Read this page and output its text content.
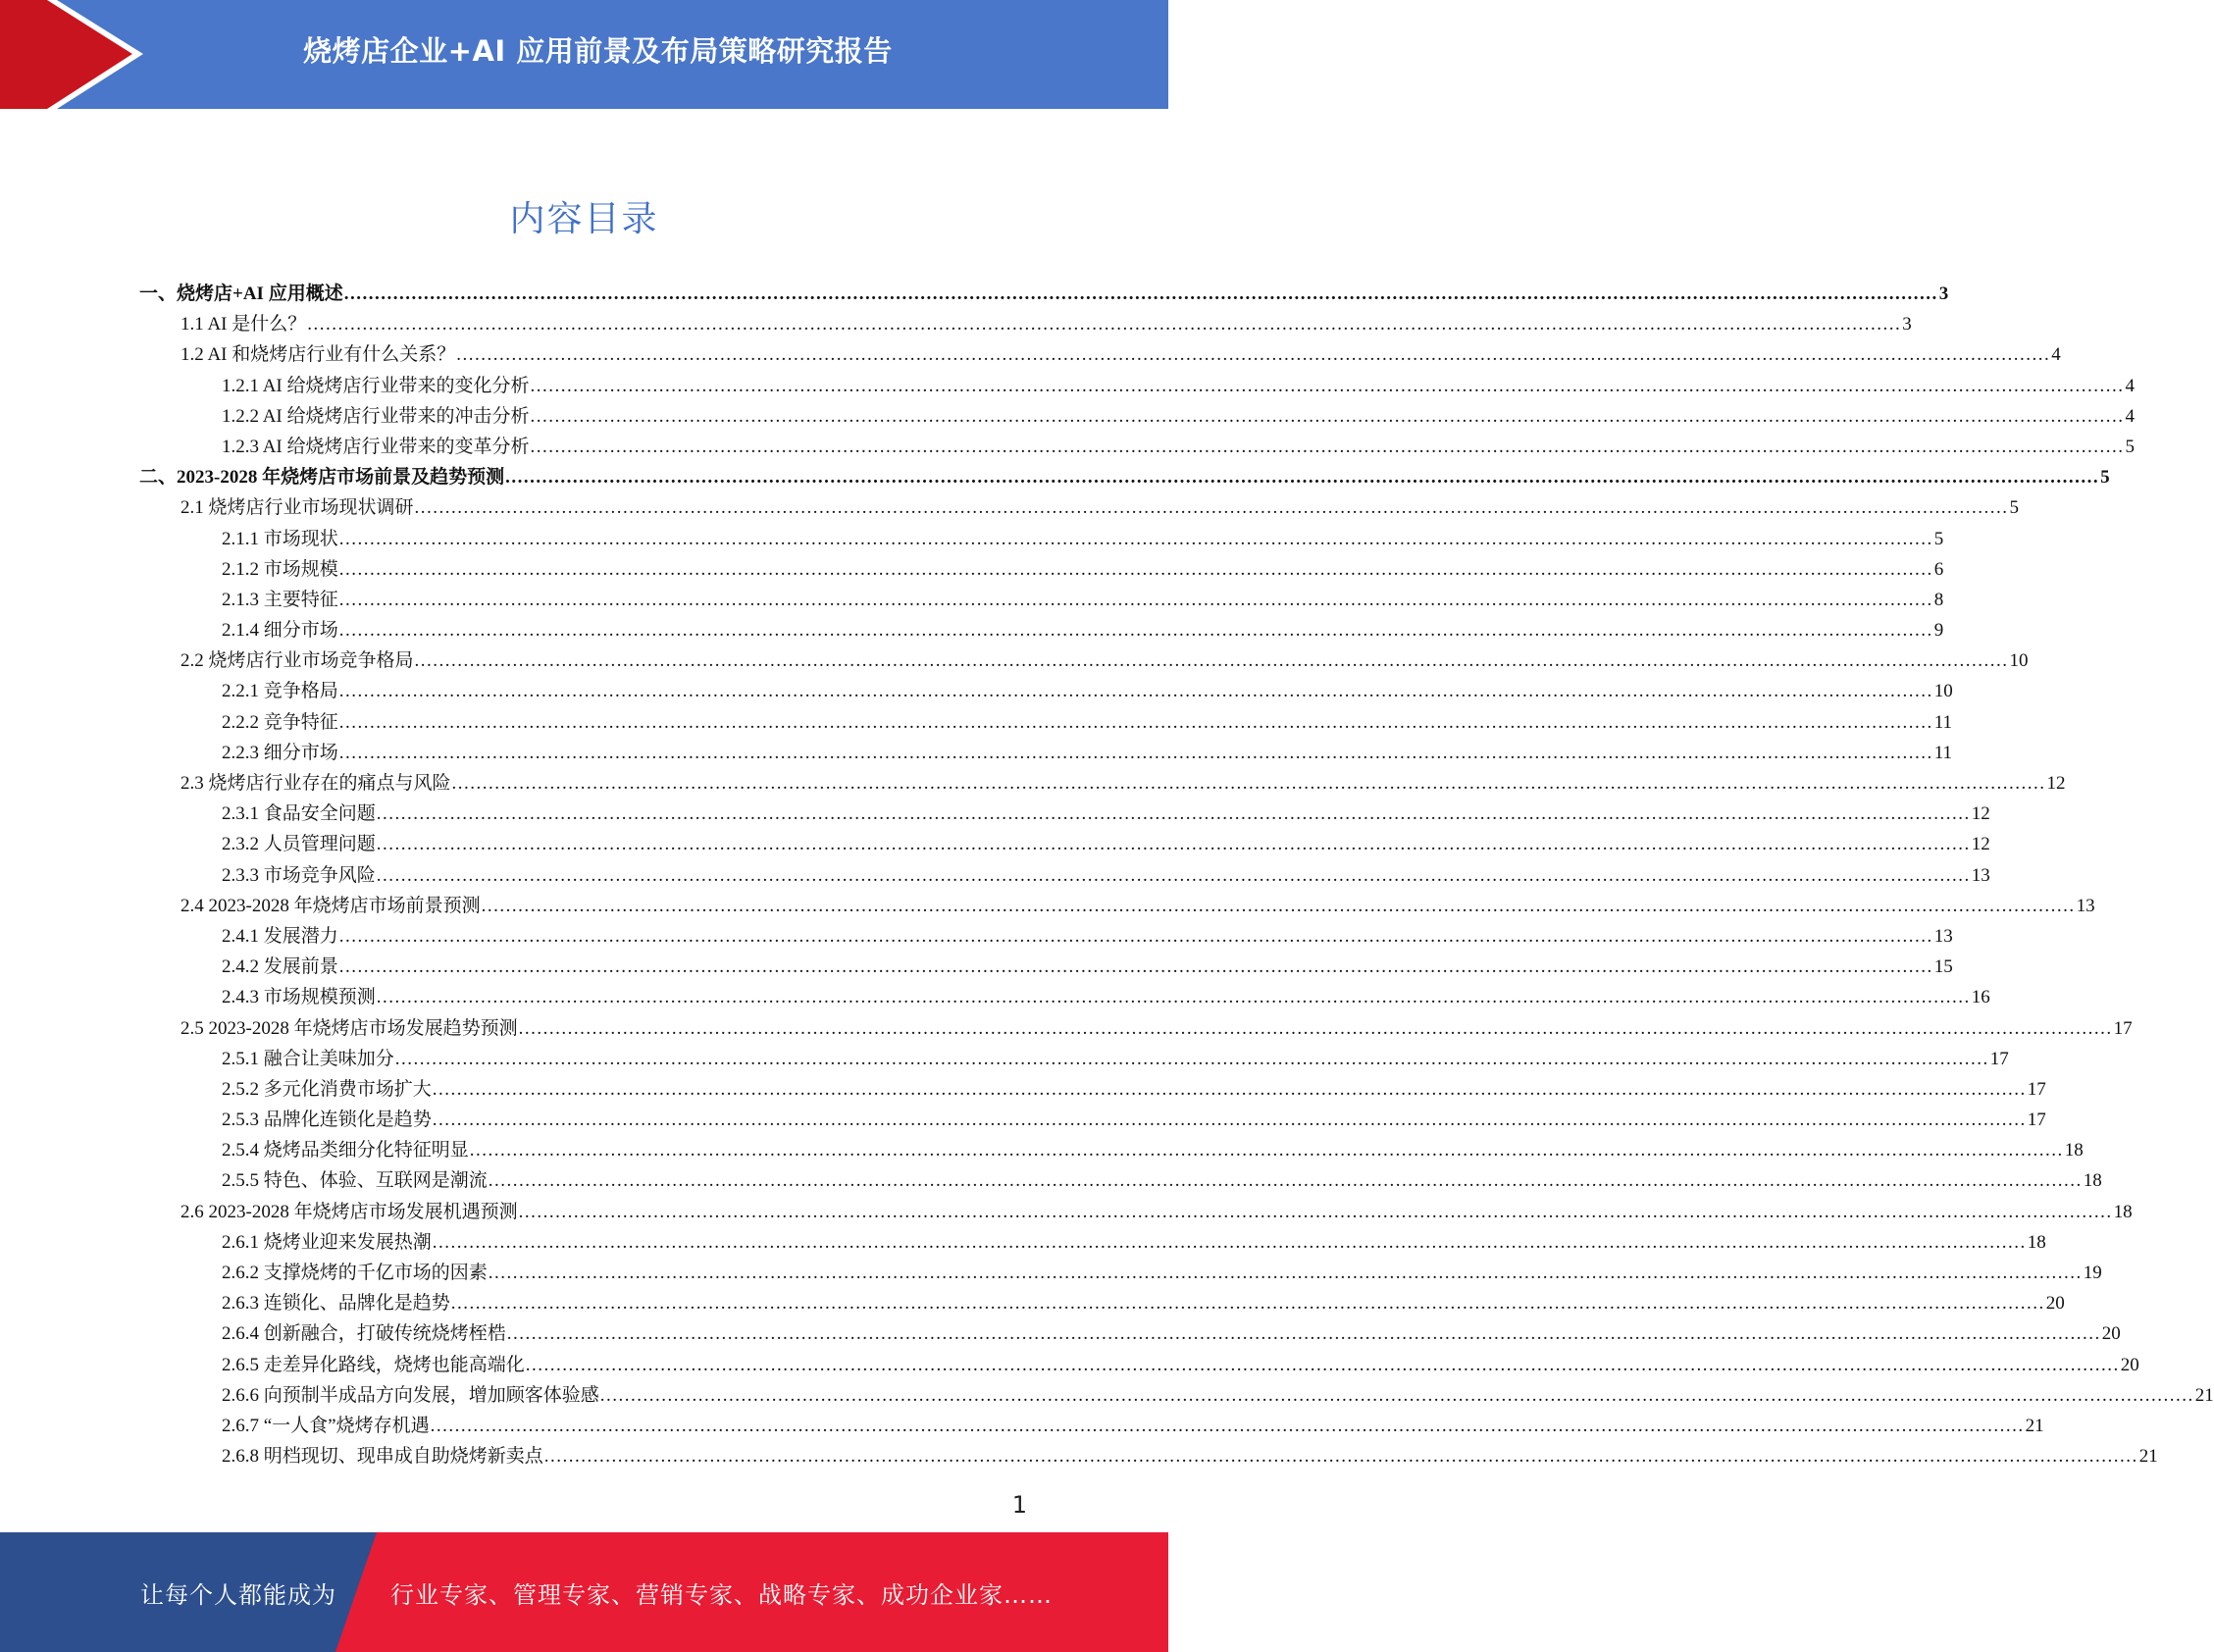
烧烤店企业+AI 应用前景及布局策略研究报告
内容目录
一、烧烤店+AI 应用概述 .................................................................................................................................................................................................................................................................... 3
1.1 AI 是什么？ .................................................................................................................................................................................................................................................................... 3
1.2 AI 和烧烤店行业有什么关系？ .................................................................................................................................................................................................................................................................... 4
1.2.1 AI 给烧烤店行业带来的变化分析 .................................................................................................................................................................................................................................................................... 4
1.2.2 AI 给烧烤店行业带来的冲击分析 .................................................................................................................................................................................................................................................................... 4
1.2.3 AI 给烧烤店行业带来的变革分析 .................................................................................................................................................................................................................................................................... 5
二、2023-2028 年烧烤店市场前景及趋势预测 .................................................................................................................................................................................................................................................................... 5
2.1 烧烤店行业市场现状调研 .................................................................................................................................................................................................................................................................... 5
2.1.1 市场现状 .................................................................................................................................................................................................................................................................... 5
2.1.2 市场规模 .................................................................................................................................................................................................................................................................... 6
2.1.3 主要特征 .................................................................................................................................................................................................................................................................... 8
2.1.4 细分市场 .................................................................................................................................................................................................................................................................... 9
2.2 烧烤店行业市场竞争格局 .................................................................................................................................................................................................................................................................... 10
2.2.1 竞争格局 .................................................................................................................................................................................................................................................................... 10
2.2.2 竞争特征 .................................................................................................................................................................................................................................................................... 11
2.2.3 细分市场 .................................................................................................................................................................................................................................................................... 11
2.3 烧烤店行业存在的痛点与风险 .................................................................................................................................................................................................................................................................... 12
2.3.1 食品安全问题 .................................................................................................................................................................................................................................................................... 12
2.3.2 人员管理问题 .................................................................................................................................................................................................................................................................... 12
2.3.3 市场竞争风险 .................................................................................................................................................................................................................................................................... 13
2.4 2023-2028 年烧烤店市场前景预测 .................................................................................................................................................................................................................................................................... 13
2.4.1 发展潜力 .................................................................................................................................................................................................................................................................... 13
2.4.2 发展前景 .................................................................................................................................................................................................................................................................... 15
2.4.3 市场规模预测 .................................................................................................................................................................................................................................................................... 16
2.5 2023-2028 年烧烤店市场发展趋势预测 .................................................................................................................................................................................................................................................................... 17
2.5.1 融合让美味加分 .................................................................................................................................................................................................................................................................... 17
2.5.2 多元化消费市场扩大 .................................................................................................................................................................................................................................................................... 17
2.5.3 品牌化连锁化是趋势 .................................................................................................................................................................................................................................................................... 17
2.5.4 烧烤品类细分化特征明显 .................................................................................................................................................................................................................................................................... 18
2.5.5 特色、体验、互联网是潮流 .................................................................................................................................................................................................................................................................... 18
2.6 2023-2028 年烧烤店市场发展机遇预测 .................................................................................................................................................................................................................................................................... 18
2.6.1 烧烤业迎来发展热潮 .................................................................................................................................................................................................................................................................... 18
2.6.2 支撑烧烤的千亿市场的因素 .................................................................................................................................................................................................................................................................... 19
2.6.3 连锁化、品牌化是趋势 .................................................................................................................................................................................................................................................................... 20
2.6.4 创新融合，打破传统烧烤桎梏 .................................................................................................................................................................................................................................................................... 20
2.6.5 走差异化路线，烧烤也能高端化 .................................................................................................................................................................................................................................................................... 20
2.6.6 向预制半成品方向发展，增加顾客体验感 .................................................................................................................................................................................................................................................................... 21
2.6.7 “一人食”烧烤存机遇 .................................................................................................................................................................................................................................................................... 21
2.6.8 明档现切、现串成自助烧烤新卖点 .................................................................................................................................................................................................................................................................... 21
1
让每个人都能成为 行业专家、管理专家、营销专家、战略专家、成功企业家……
